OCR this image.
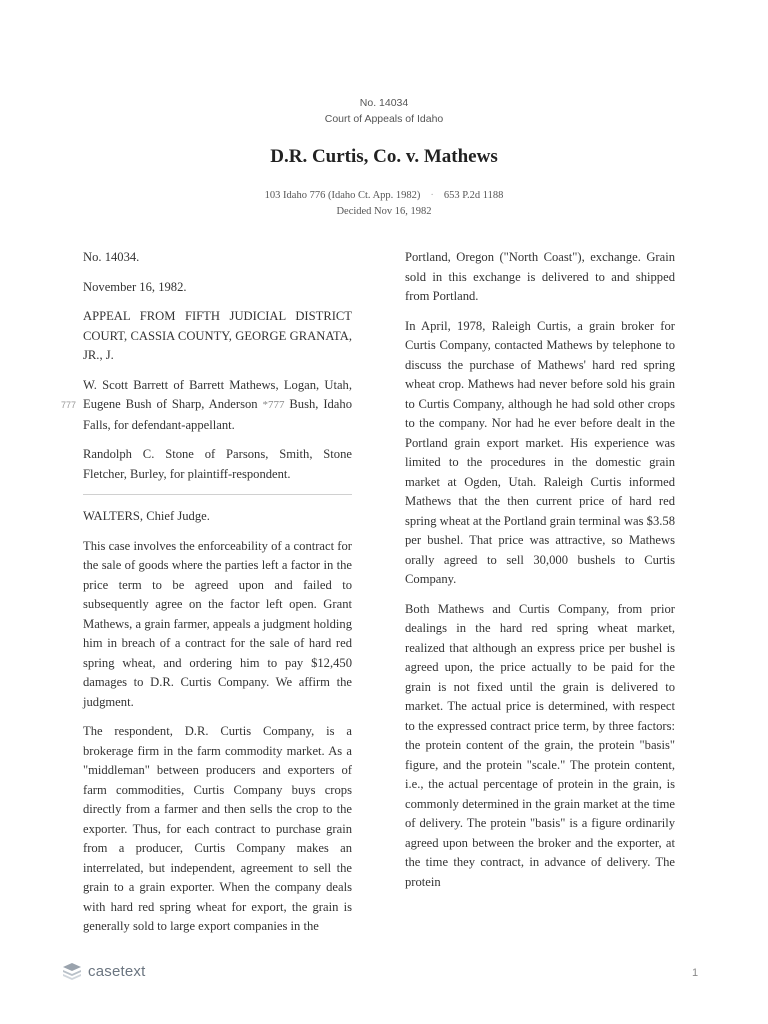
No. 14034
Court of Appeals of Idaho
D.R. Curtis, Co. v. Mathews
103 Idaho 776 (Idaho Ct. App. 1982) · 653 P.2d 1188
Decided Nov 16, 1982

No. 14034.

November 16, 1982.

APPEAL FROM FIFTH JUDICIAL DISTRICT COURT, CASSIA COUNTY, GEORGE GRANATA, JR., J.

W. Scott Barrett of Barrett Mathews, Logan, Utah, Eugene Bush of Sharp, Anderson *777 Bush, Idaho Falls, for defendant-appellant.

Randolph C. Stone of Parsons, Smith, Stone Fletcher, Burley, for plaintiff-respondent.

WALTERS, Chief Judge.

This case involves the enforceability of a contract for the sale of goods where the parties left a factor in the price term to be agreed upon and failed to subsequently agree on the factor left open. Grant Mathews, a grain farmer, appeals a judgment holding him in breach of a contract for the sale of hard red spring wheat, and ordering him to pay $12,450 damages to D.R. Curtis Company. We affirm the judgment.

The respondent, D.R. Curtis Company, is a brokerage firm in the farm commodity market. As a "middleman" between producers and exporters of farm commodities, Curtis Company buys crops directly from a farmer and then sells the crop to the exporter. Thus, for each contract to purchase grain from a producer, Curtis Company makes an interrelated, but independent, agreement to sell the grain to a grain exporter. When the company deals with hard red spring wheat for export, the grain is generally sold to large export companies in the

777

Portland, Oregon ("North Coast"), exchange. Grain sold in this exchange is delivered to and shipped from Portland.

In April, 1978, Raleigh Curtis, a grain broker for Curtis Company, contacted Mathews by telephone to discuss the purchase of Mathews' hard red spring wheat crop. Mathews had never before sold his grain to Curtis Company, although he had sold other crops to the company. Nor had he ever before dealt in the Portland grain export market. His experience was limited to the procedures in the domestic grain market at Ogden, Utah. Raleigh Curtis informed Mathews that the then current price of hard red spring wheat at the Portland grain terminal was $3.58 per bushel. That price was attractive, so Mathews orally agreed to sell 30,000 bushels to Curtis Company.

Both Mathews and Curtis Company, from prior dealings in the hard red spring wheat market, realized that although an express price per bushel is agreed upon, the price actually to be paid for the grain is not fixed until the grain is delivered to market. The actual price is determined, with respect to the expressed contract price term, by three factors: the protein content of the grain, the protein "basis" figure, and the protein "scale." The protein content, i.e., the actual percentage of protein in the grain, is commonly determined in the grain market at the time of delivery. The protein "basis" is a figure ordinarily agreed upon between the broker and the exporter, at the time they contract, in advance of delivery. The protein

casetext	1
